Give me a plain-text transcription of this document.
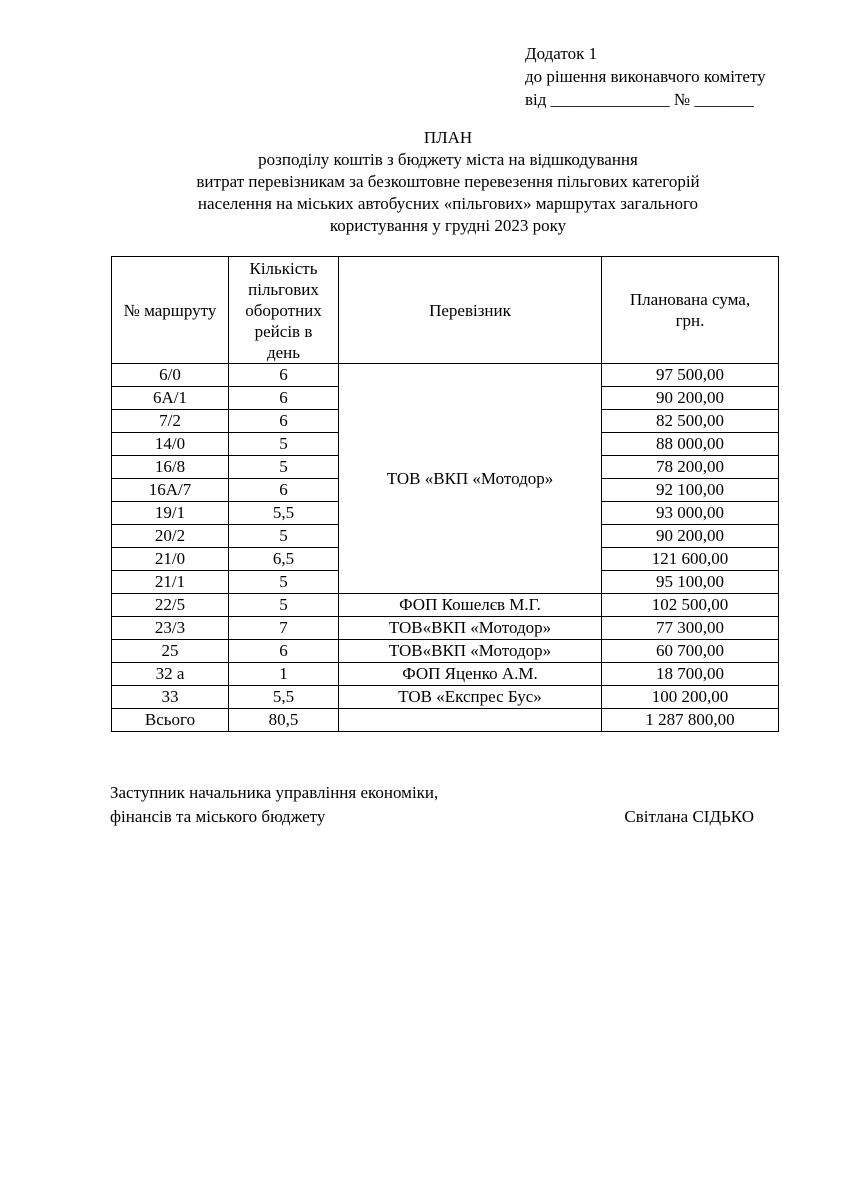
Додаток 1
до рішення виконавчого комітету
від ______________ № _______
ПЛАН
розподілу коштів з бюджету міста на відшкодування
витрат перевізникам за безкоштовне перевезення пільгових категорій
населення на міських автобусних «пільгових» маршрутах загального
користування у грудні 2023 року
№ маршруту	Кількість пільгових оборотних рейсів в день	Перевізник	Планована сума, грн.
6/0	6	ТОВ «ВКП «Мотодор»	97 500,00
6А/1	6		90 200,00
7/2	6		82 500,00
14/0	5		88 000,00
16/8	5		78 200,00
16А/7	6		92 100,00
19/1	5,5		93 000,00
20/2	5		90 200,00
21/0	6,5		121 600,00
21/1	5		95 100,00
22/5	5	ФОП Кошелєв М.Г.	102 500,00
23/3	7	ТОВ«ВКП «Мотодор»	77 300,00
25	6	ТОВ«ВКП «Мотодор»	60 700,00
32 а	1	ФОП Яценко А.М.	18 700,00
33	5,5	ТОВ «Експрес Бус»	100 200,00
Всього	80,5		1 287 800,00
Заступник начальника управління економіки,
фінансів та міського бюджету	Світлана СІДЬКО
